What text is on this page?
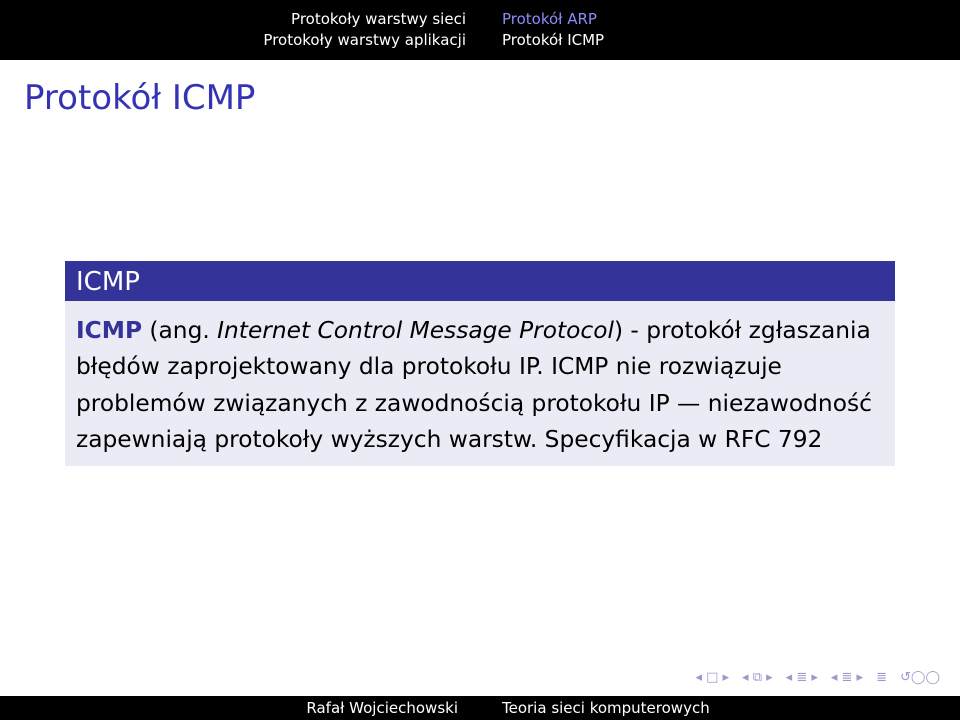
Protokoły warstwy sieci
Protokoły warstwy aplikacji
Protokół ARP
Protokół ICMP
Protokół ICMP
ICMP
ICMP (ang. Internet Control Message Protocol) - protokół zgłaszania błędów zaprojektowany dla protokołu IP. ICMP nie rozwiązuje problemów związanych z zawodnością protokołu IP — niezawodność zapewniają protokoły wyższych warstw. Specyfikacja w RFC 792
◂ □ ▸ ◂ ⧉ ▸ ◂ ≣ ▸ ◂ ≣ ▸ ≣ ↺◯◯
Rafał Wojciechowski	Teoria sieci komputerowych
